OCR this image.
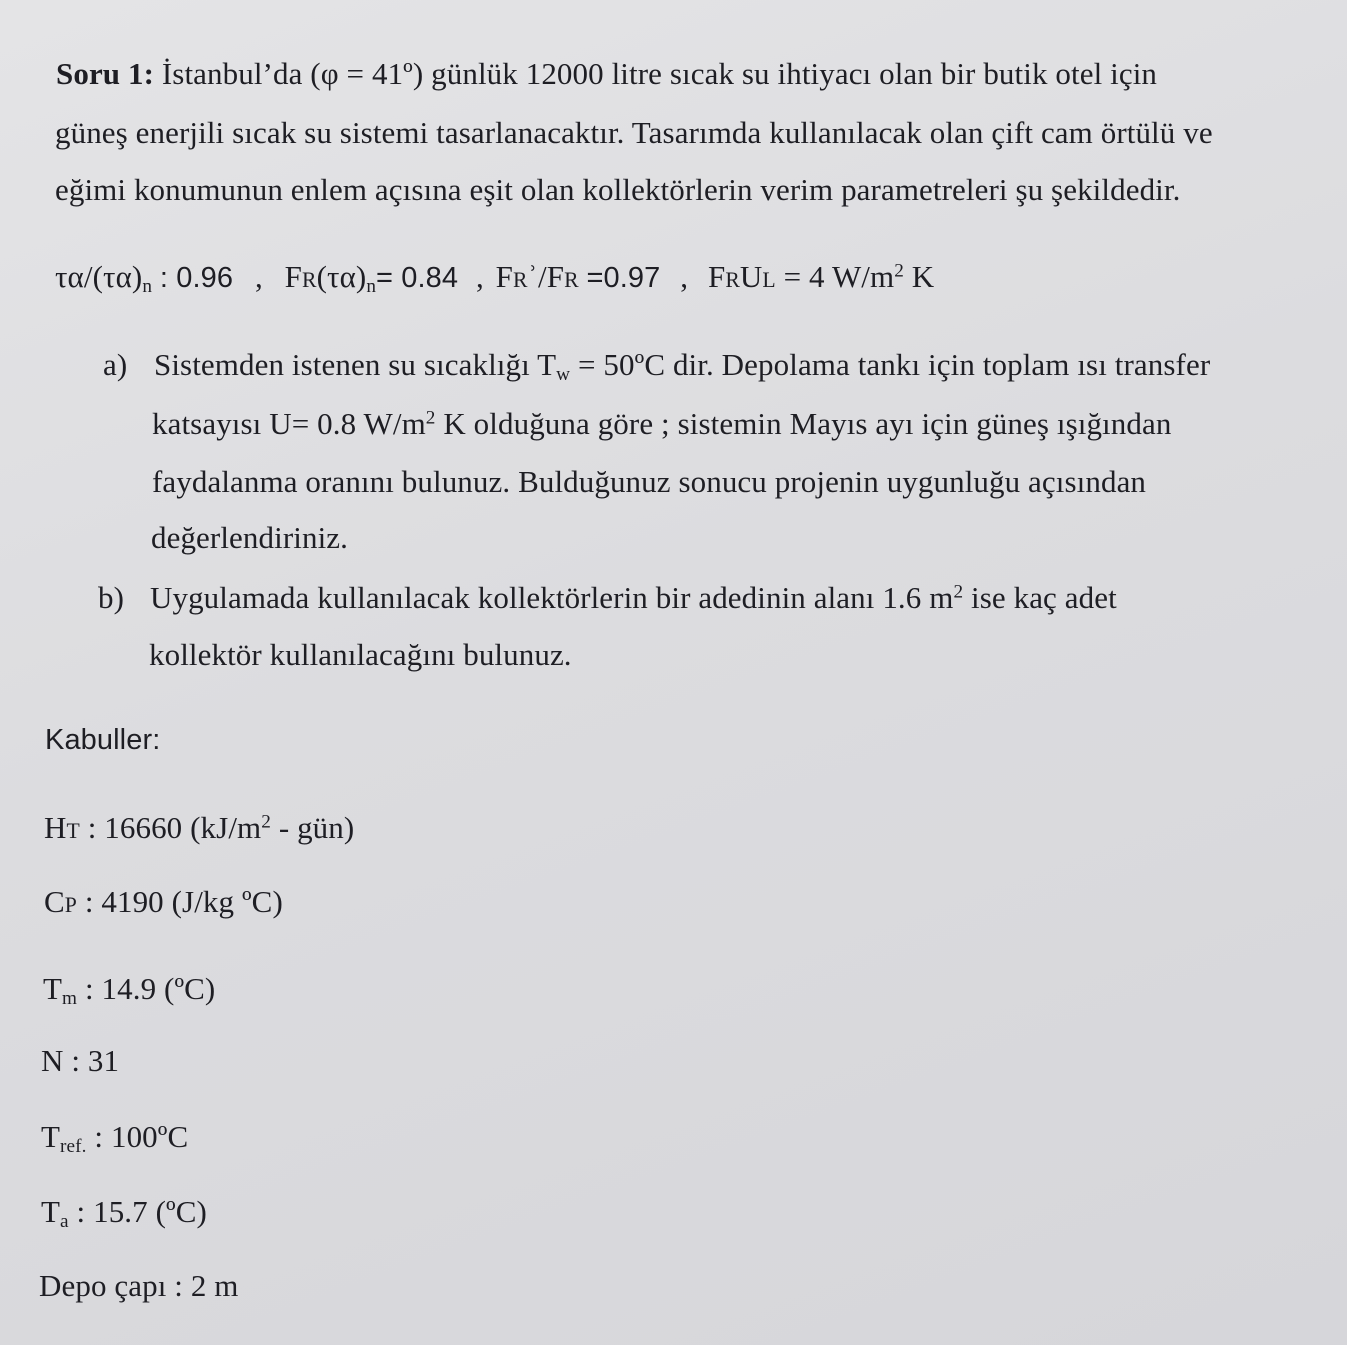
Soru 1: İstanbul’da (φ = 41º) günlük 12000 litre sıcak su ihtiyacı olan bir butik otel için
güneş enerjili sıcak su sistemi tasarlanacaktır. Tasarımda kullanılacak olan çift cam örtülü ve
eğimi konumunun enlem açısına eşit olan kollektörlerin verim parametreleri şu şekildedir.
$\tau\alpha/(\tau\alpha)_n$ : 0.96 , $FR(\tau\alpha)_n= 0.84$ , FRʾ/FR =0.97 , FRUL = 4 $W/m^2$ K
a) Sistemden istenen su sıcaklığı $T_w$ = 50ºC dir. Depolama tankı için toplam ısı transfer
katsayısı U= 0.8 $W/m^2$ K olduğuna göre ; sistemin Mayıs ayı için güneş ışığından
faydalanma oranını bulunuz. Bulduğunuz sonucu projenin uygunluğu açısından
değerlendiriniz.
b) Uygulamada kullanılacak kollektörlerin bir adedinin alanı 1.6 $m^2$ ise kaç adet
kollektör kullanılacağını bulunuz.
Kabuller:
HT : 16660 ($kJ/m^2$ - gün)
CP : 4190 (J/kg ºC)
$T_m$ : 14.9 (ºC)
N : 31
$T_{ref.}$ : 100ºC
$T_a$ : 15.7 (ºC)
Depo çapı : 2 m
